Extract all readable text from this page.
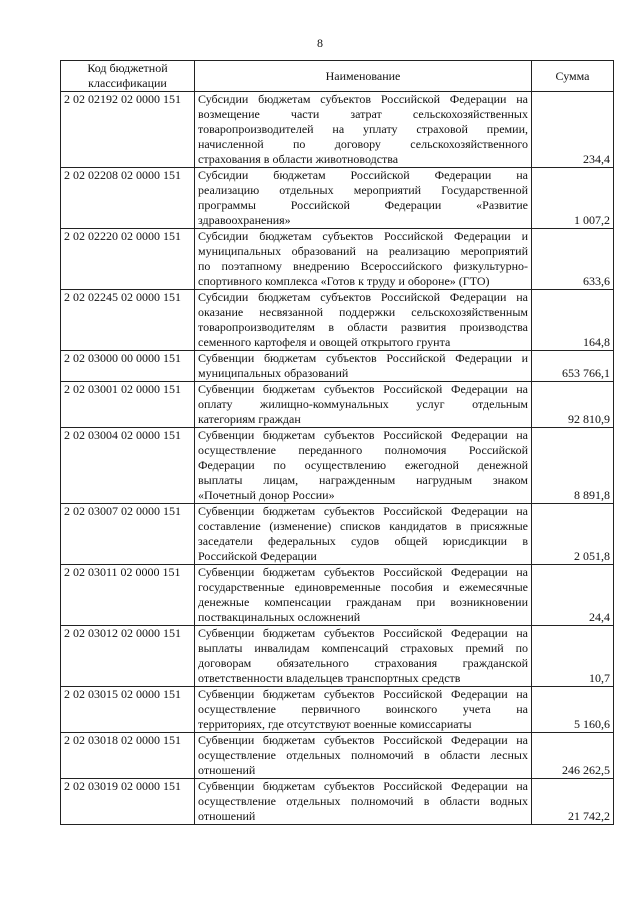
8
Код бюджетной классификации	Наименование	Сумма
2 02 02192 02 0000 151	Субсидии бюджетам субъектов Российской Федерации на
возмещение части затрат сельскохозяйственных
товаропроизводителей на уплату страховой премии,
начисленной по договору сельскохозяйственного
страхования в области животноводства	234,4
2 02 02208 02 0000 151	Субсидии бюджетам Российской Федерации на
реализацию отдельных мероприятий Государственной
программы Российской Федерации «Развитие
здравоохранения»	1 007,2
2 02 02220 02 0000 151	Субсидии бюджетам субъектов Российской Федерации и
муниципальных образований на реализацию мероприятий
по поэтапному внедрению Всероссийского физкультурно-
спортивного комплекса «Готов к труду и обороне» (ГТО)	633,6
2 02 02245 02 0000 151	Субсидии бюджетам субъектов Российской Федерации на
оказание несвязанной поддержки сельскохозяйственным
товаропроизводителям в области развития производства
семенного картофеля и овощей открытого грунта	164,8
2 02 03000 00 0000 151	Субвенции бюджетам субъектов Российской Федерации и
муниципальных образований	653 766,1
2 02 03001 02 0000 151	Субвенции бюджетам субъектов Российской Федерации на
оплату жилищно-коммунальных услуг отдельным
категориям граждан	92 810,9
2 02 03004 02 0000 151	Субвенции бюджетам субъектов Российской Федерации на
осуществление переданного полномочия Российской
Федерации по осуществлению ежегодной денежной
выплаты лицам, награжденным нагрудным знаком
«Почетный донор России»	8 891,8
2 02 03007 02 0000 151	Субвенции бюджетам субъектов Российской Федерации на
составление (изменение) списков кандидатов в присяжные
заседатели федеральных судов общей юрисдикции в
Российской Федерации	2 051,8
2 02 03011 02 0000 151	Субвенции бюджетам субъектов Российской Федерации на
государственные единовременные пособия и ежемесячные
денежные компенсации гражданам при возникновении
поствакцинальных осложнений	24,4
2 02 03012 02 0000 151	Субвенции бюджетам субъектов Российской Федерации на
выплаты инвалидам компенсаций страховых премий по
договорам обязательного страхования гражданской
ответственности владельцев транспортных средств	10,7
2 02 03015 02 0000 151	Субвенции бюджетам субъектов Российской Федерации на
осуществление первичного воинского учета на
территориях, где отсутствуют военные комиссариаты	5 160,6
2 02 03018 02 0000 151	Субвенции бюджетам субъектов Российской Федерации на
осуществление отдельных полномочий в области лесных
отношений	246 262,5
2 02 03019 02 0000 151	Субвенции бюджетам субъектов Российской Федерации на
осуществление отдельных полномочий в области водных
отношений	21 742,2
